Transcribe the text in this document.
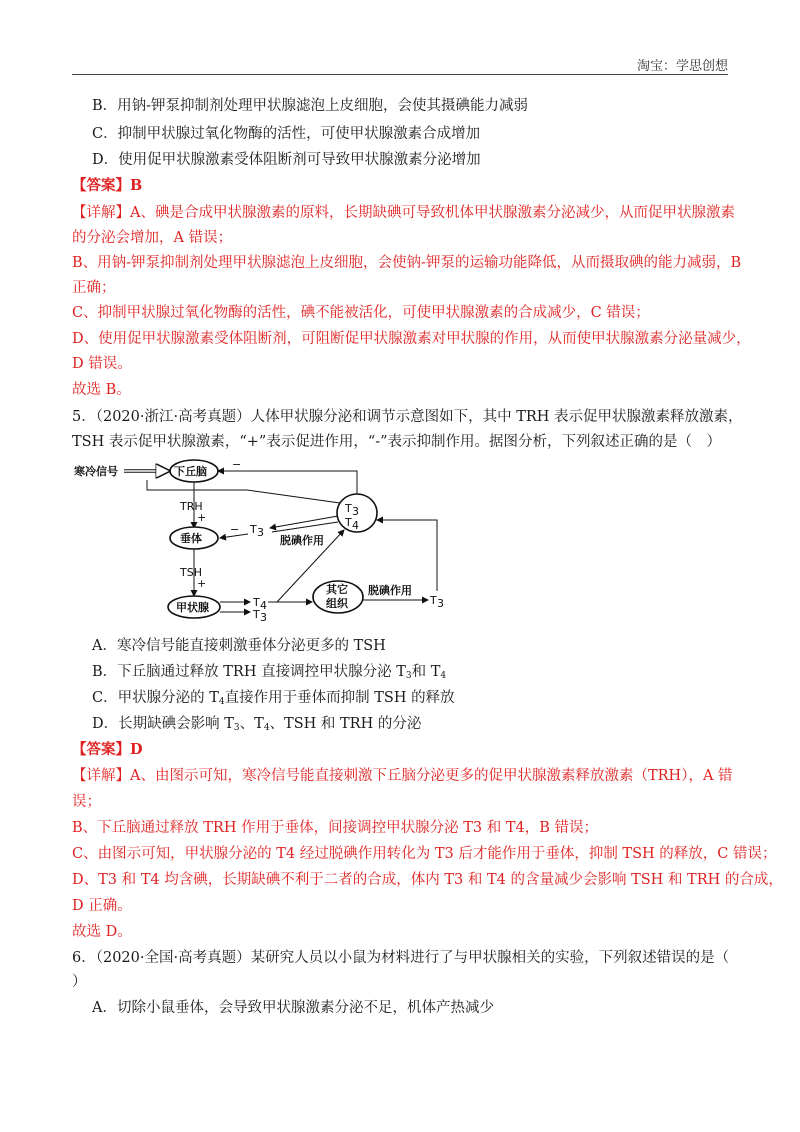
淘宝：学思创想
B．用钠-钾泵抑制剂处理甲状腺滤泡上皮细胞，会使其摄碘能力减弱
C．抑制甲状腺过氧化物酶的活性，可使甲状腺激素合成增加
D．使用促甲状腺激素受体阻断剂可导致甲状腺激素分泌增加
【答案】B
【详解】A、碘是合成甲状腺激素的原料，长期缺碘可导致机体甲状腺激素分泌减少，从而促甲状腺激素
的分泌会增加，A 错误；
B、用钠-钾泵抑制剂处理甲状腺滤泡上皮细胞，会使钠-钾泵的运输功能降低，从而摄取碘的能力减弱，B
正确；
C、抑制甲状腺过氧化物酶的活性，碘不能被活化，可使甲状腺激素的合成减少，C 错误；
D、使用促甲状腺激素受体阻断剂，可阻断促甲状腺激素对甲状腺的作用，从而使甲状腺激素分泌量减少，
D 错误。
故选 B。
5．（2020·浙江·高考真题）人体甲状腺分泌和调节示意图如下，其中 TRH 表示促甲状腺激素释放激素，
TSH 表示促甲状腺激素，“+”表示促进作用，“-”表示抑制作用。据图分析，下列叙述正确的是（　）
寒冷信号	下丘脑
TRH
+
垂体
TSH
+
甲状腺	T 4
T 3
其它
组织
脱碘作用
T 3
T 3
T 4
−
T 3
−
脱碘作用
A．寒冷信号能直接刺激垂体分泌更多的 TSH
B．下丘脑通过释放 TRH 直接调控甲状腺分泌 $T_3$和 $T_4$
C．甲状腺分泌的 $T_4$直接作用于垂体而抑制 TSH 的释放
D．长期缺碘会影响 $T_3$、$T_4$、TSH 和 TRH 的分泌
【答案】D
【详解】A、由图示可知，寒冷信号能直接刺激下丘脑分泌更多的促甲状腺激素释放激素（TRH），A 错
误；
B、下丘脑通过释放 TRH 作用于垂体，间接调控甲状腺分泌 T3 和 T4，B 错误；
C、由图示可知，甲状腺分泌的 T4 经过脱碘作用转化为 T3 后才能作用于垂体，抑制 TSH 的释放，C 错误；
D、T3 和 T4 均含碘，长期缺碘不利于二者的合成，体内 T3 和 T4 的含量减少会影响 TSH 和 TRH 的合成，
D 正确。
故选 D。
6．（2020·全国·高考真题）某研究人员以小鼠为材料进行了与甲状腺相关的实验，下列叙述错误的是（
）
A．切除小鼠垂体，会导致甲状腺激素分泌不足，机体产热减少
